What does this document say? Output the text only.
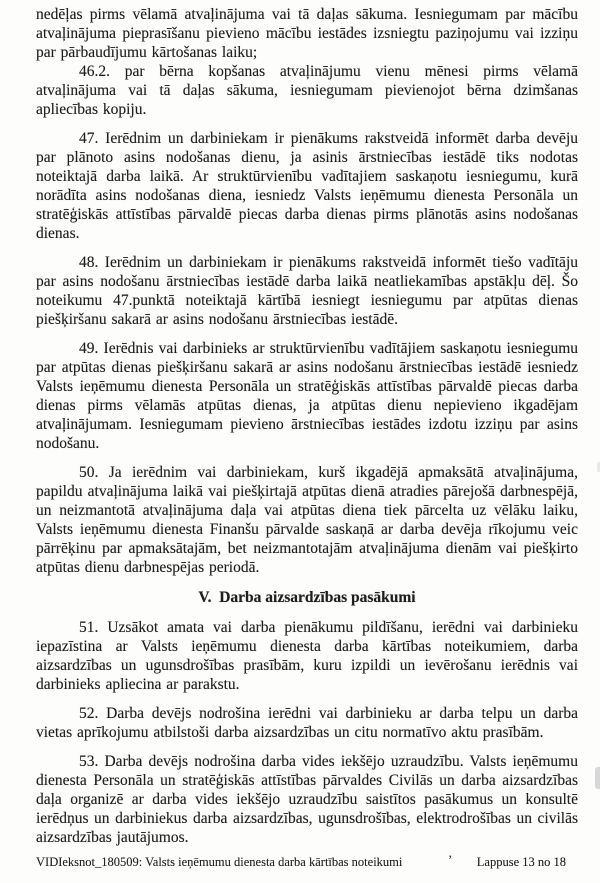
nedēļas pirms vēlamā atvaļinājuma vai tā daļas sākuma. Iesniegumam par mācību atvaļinājuma pieprasīšanu pievieno mācību iestādes izsniegtu paziņojumu vai izziņu par pārbaudījumu kārtošanas laiku;

46.2. par bērna kopšanas atvaļinājumu vienu mēnesi pirms vēlamā atvaļinājuma vai tā daļas sākuma, iesniegumam pievienojot bērna dzimšanas apliecības kopiju.

47. Ierēdnim un darbiniekam ir pienākums rakstveidā informēt darba devēju par plānoto asins nodošanas dienu, ja asinis ārstniecības iestādē tiks nodotas noteiktajā darba laikā. Ar struktūrvienību vadītajiem saskaņotu iesniegumu, kurā norādīta asins nodošanas diena, iesniedz Valsts ieņēmumu dienesta Personāla un stratēģiskās attīstības pārvaldē piecas darba dienas pirms plānotās asins nodošanas dienas.

48. Ierēdnim un darbiniekam ir pienākums rakstveidā informēt tiešo vadītāju par asins nodošanu ārstniecības iestādē darba laikā neatliekamības apstākļu dēļ. Šo noteikumu 47.punktā noteiktajā kārtībā iesniegt iesniegumu par atpūtas dienas piešķiršanu sakarā ar asins nodošanu ārstniecības iestādē.

49. Ierēdnis vai darbinieks ar struktūrvienību vadītājiem saskaņotu iesniegumu par atpūtas dienas piešķiršanu sakarā ar asins nodošanu ārstniecības iestādē iesniedz Valsts ieņēmumu dienesta Personāla un stratēģiskās attīstības pārvaldē piecas darba dienas pirms vēlamās atpūtas dienas, ja atpūtas dienu nepievieno ikgadējam atvaļinājumam. Iesniegumam pievieno ārstniecības iestādes izdotu izziņu par asins nodošanu.

50. Ja ierēdnim vai darbiniekam, kurš ikgadējā apmaksātā atvaļinājuma, papildu atvaļinājuma laikā vai piešķirtajā atpūtas dienā atradies pārejošā darbnespējā, un neizmantotā atvaļinājuma daļa vai atpūtas diena tiek pārcelta uz vēlāku laiku, Valsts ieņēmumu dienesta Finanšu pārvalde saskaņā ar darba devēja rīkojumu veic pārrēķinu par apmaksātajām, bet neizmantotajām atvaļinājuma dienām vai piešķirto atpūtas dienu darbnespējas periodā.

V.  Darba aizsardzības pasākumi

51. Uzsākot amata vai darba pienākumu pildīšanu, ierēdni vai darbinieku iepazīstina ar Valsts ieņēmumu dienesta darba kārtības noteikumiem, darba aizsardzības un ugunsdrošības prasībām, kuru izpildi un ievērošanu ierēdnis vai darbinieks apliecina ar parakstu.

52. Darba devējs nodrošina ierēdni vai darbinieku ar darba telpu un darba vietas aprīkojumu atbilstoši darba aizsardzības un citu normatīvo aktu prasībām.

53. Darba devējs nodrošina darba vides iekšējo uzraudzību. Valsts ieņēmumu dienesta Personāla un stratēģiskās attīstības pārvaldes Civilās un darba aizsardzības daļa organizē ar darba vides iekšējo uzraudzību saistītos pasākumus un konsultē ierēdņus un darbiniekus darba aizsardzības, ugunsdrošības, elektrodrošības un civilās aizsardzības jautājumos.

VIDIeksnot_180509: Valsts ieņēmumu dienesta darba kārtības noteikumi	’ Lappuse 13 no 18
